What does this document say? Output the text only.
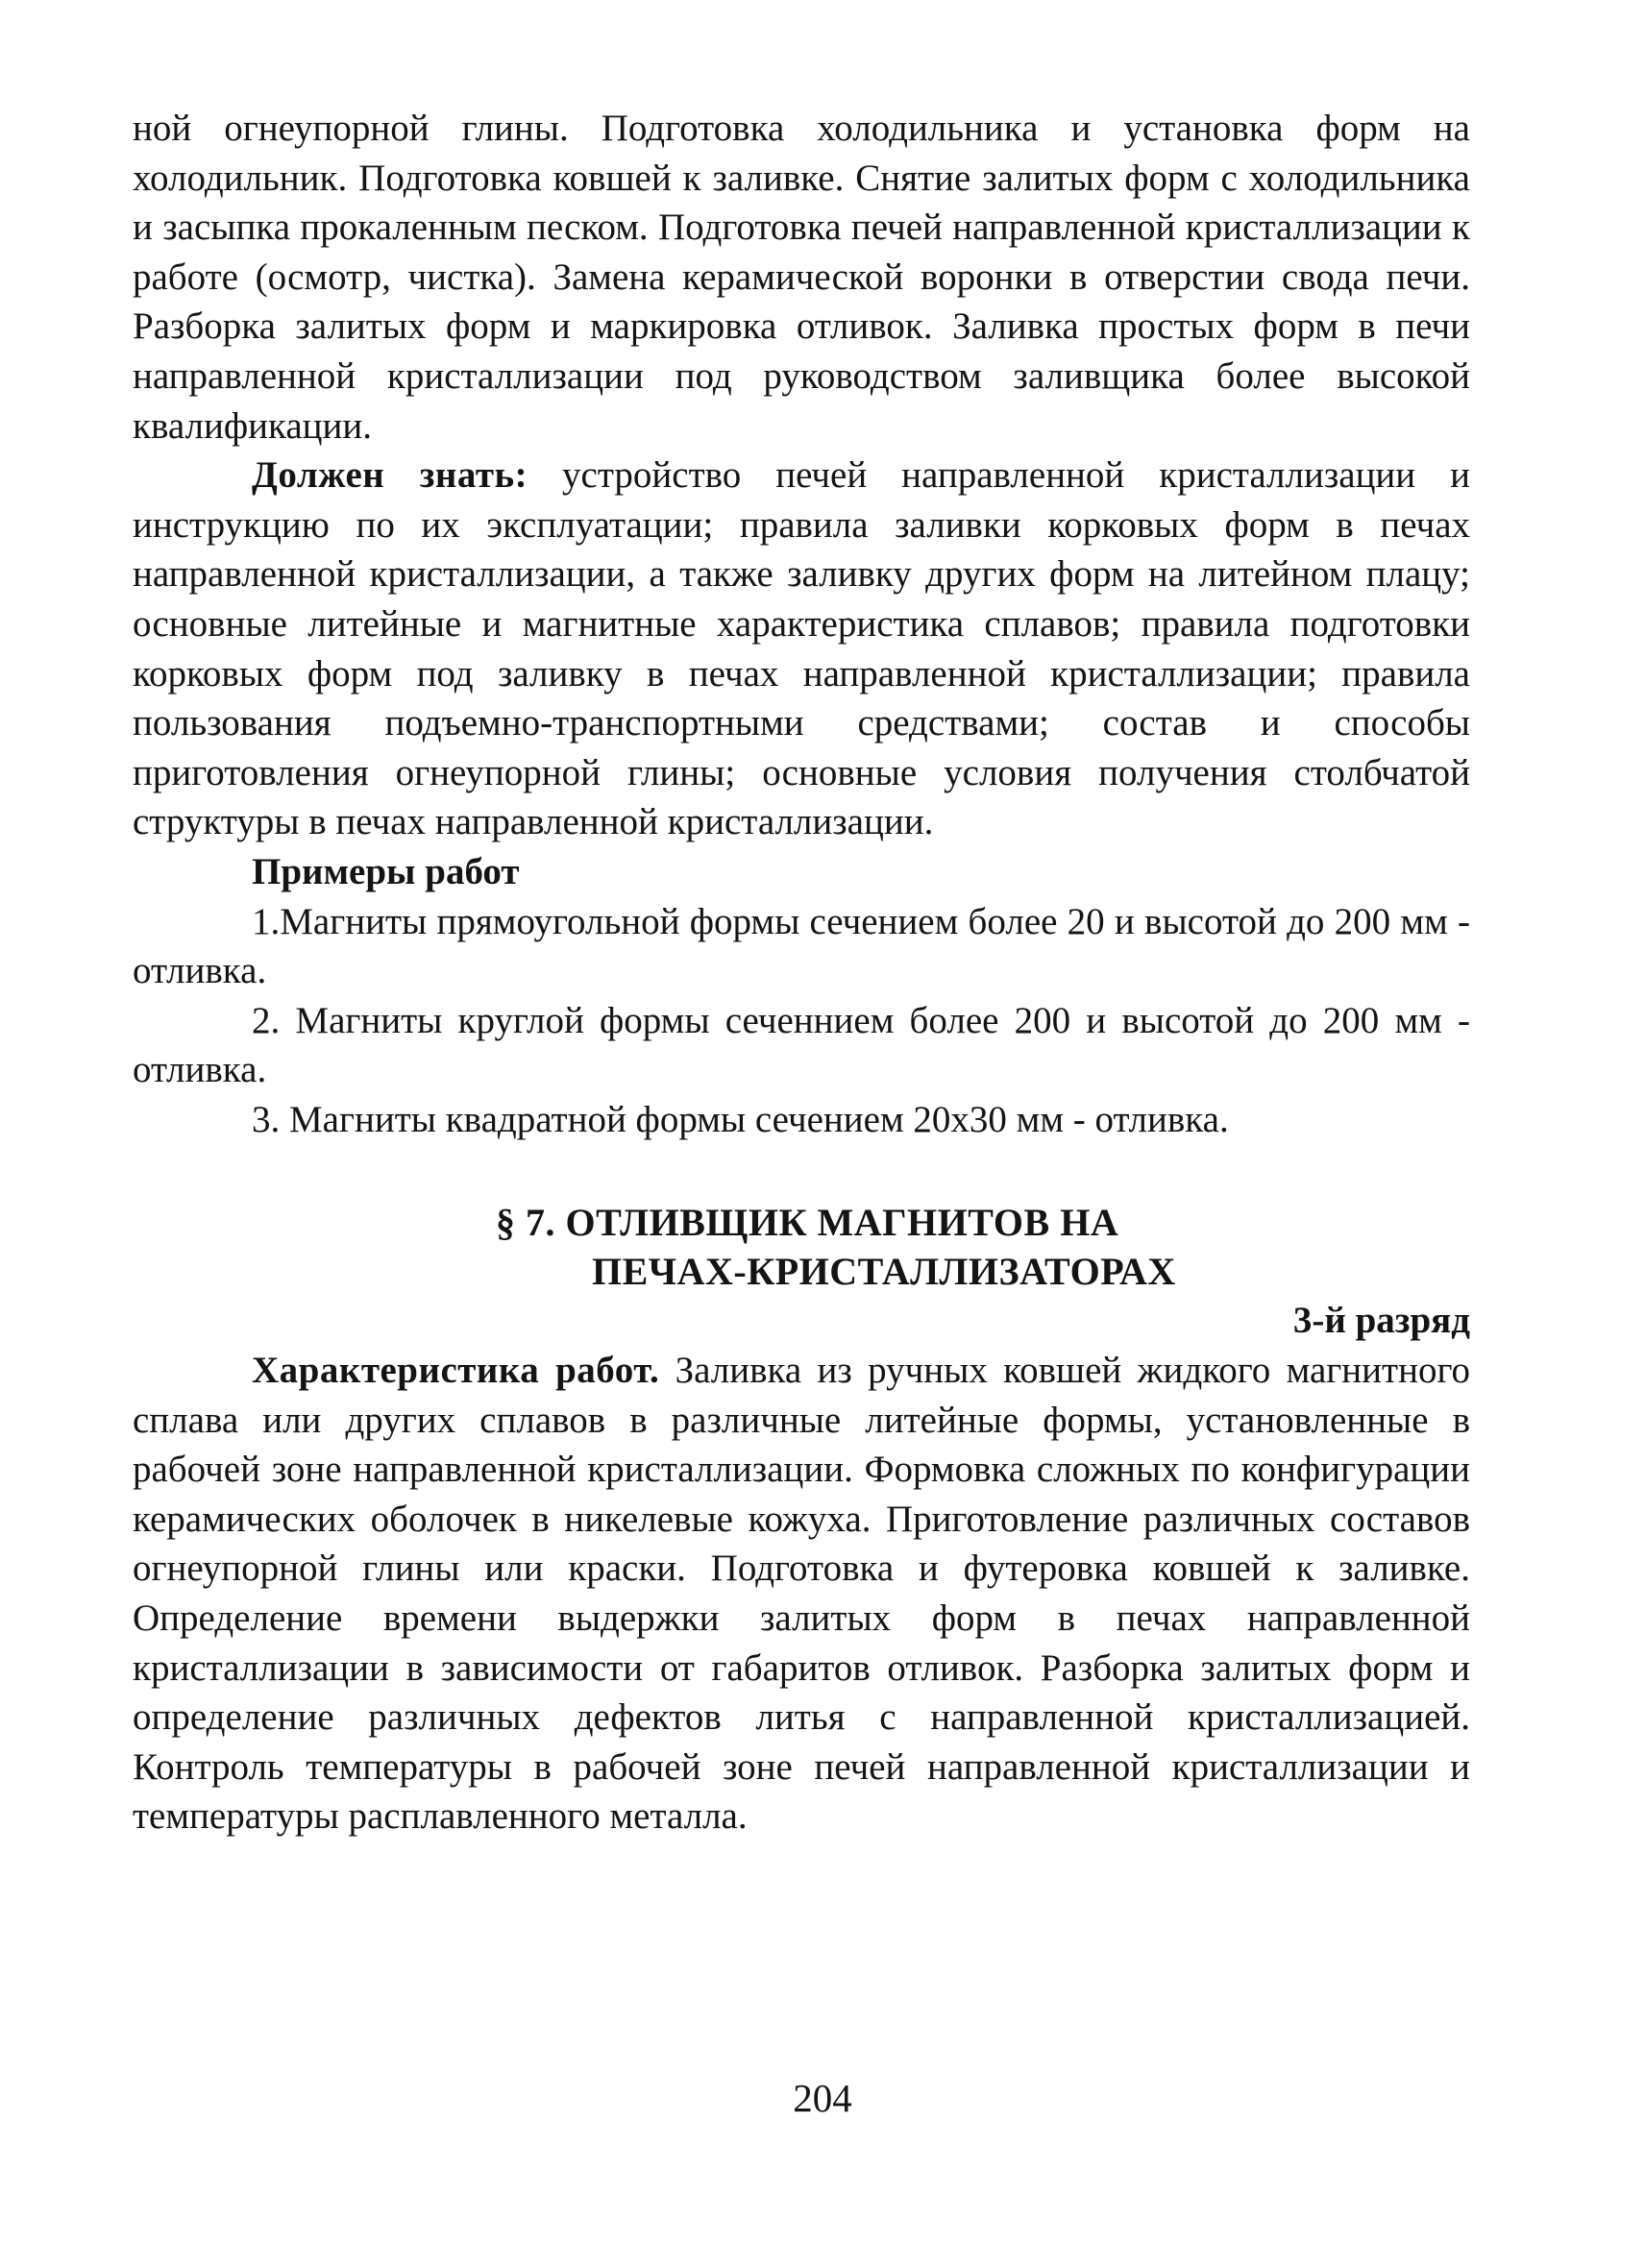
ной огнеупорной глины. Подготовка холодильника и установка форм на холодильник. Подготовка ковшей к заливке. Снятие залитых форм с холодильника и засыпка прокаленным песком. Подготовка печей направленной кристаллизации к работе (осмотр, чистка). Замена керамической воронки в отверстии свода печи. Разборка залитых форм и маркировка отливок. Заливка простых форм в печи направленной кристаллизации под руководством заливщика более высокой квалификации.

Должен знать: устройство печей направленной кристаллизации и инструкцию по их эксплуатации; правила заливки корковых форм в печах направленной кристаллизации, а также заливку других форм на литейном плацу; основные литейные и магнитные характеристика сплавов; правила подготовки корковых форм под заливку в печах направленной кристаллизации; правила пользования подъемно-транспортными средствами; состав и способы приготовления огнеупорной глины; основные условия получения столбчатой структуры в печах направленной кристаллизации.

Примеры работ

1.Магниты прямоугольной формы сечением более 20 и высотой до 200 мм - отливка.

2. Магниты круглой формы сеченнием более 200 и высотой до 200 мм - отливка.

3. Магниты квадратной формы сечением 20х30 мм - отливка.

§ 7. ОТЛИВЩИК МАГНИТОВ НА
ПЕЧАХ-КРИСТАЛЛИЗАТОРАХ

3-й разряд

Характеристика работ. Заливка из ручных ковшей жидкого магнитного сплава или других сплавов в различные литейные формы, установленные в рабочей зоне направленной кристаллизации. Формовка сложных по конфигурации керамических оболочек в никелевые кожуха. Приготовление различных составов огнеупорной глины или краски. Подготовка и футеровка ковшей к заливке. Определение времени выдержки залитых форм в печах направленной кристаллизации в зависимости от габаритов отливок. Разборка залитых форм и определение различных дефектов литья с направленной кристаллизацией. Контроль температуры в рабочей зоне печей направленной кристаллизации и температуры расплавленного металла.

204
